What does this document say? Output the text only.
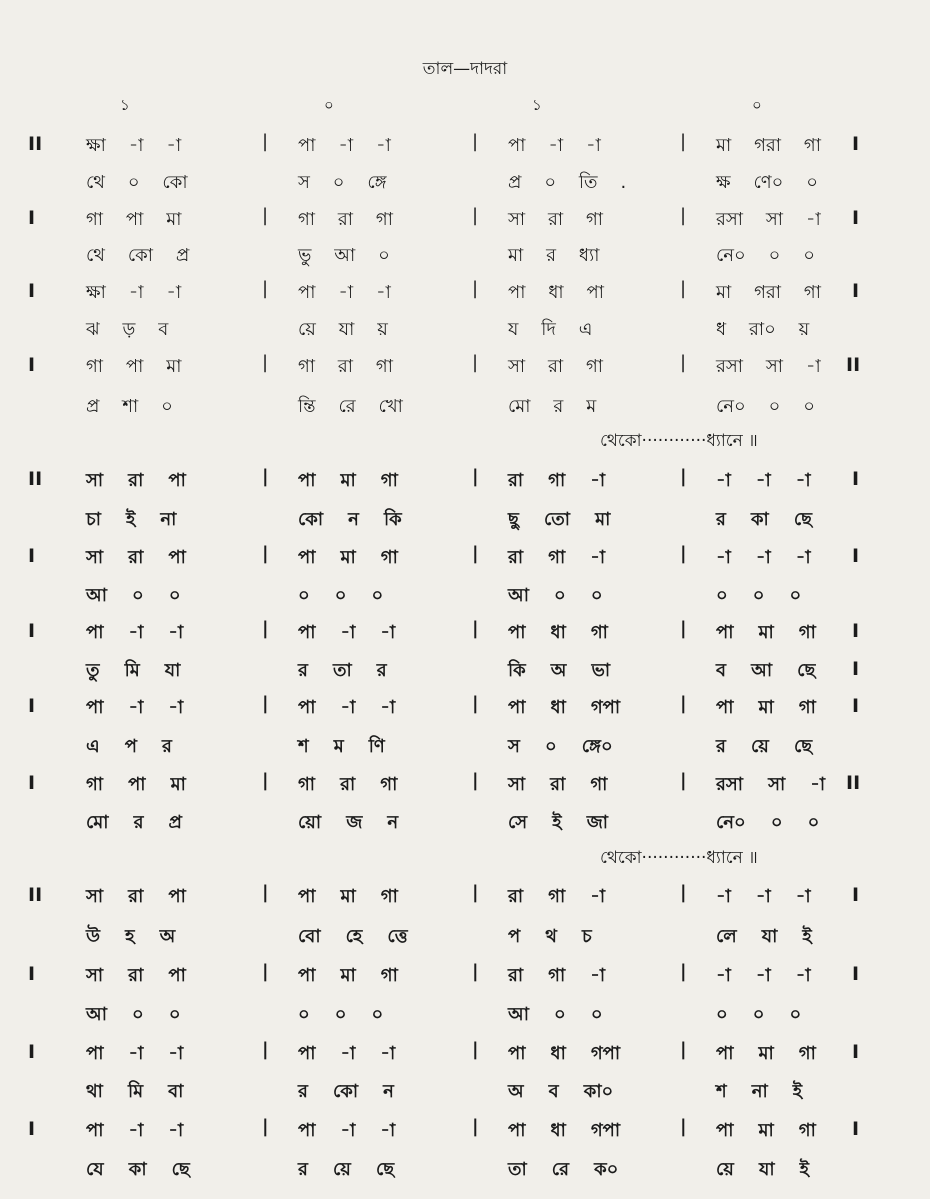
তাল—দাদরা
১	০	১	০
II ক্ষা    -া    -া	পা    -া    -া	পা    -া    -া	মা    গরা    গা
|	|	|	I
থে    ০    কো	স    ০    ঙ্গে	প্র    ০    তি    .	ক্ষ    ণে০    ০
I	গা    পা    মা	গা    রা    গা	সা    রা    গা	রসা    সা    -া
|	|	|	I
থে    কো    প্র	ভু    আ    ০	মা    র    ধ্যা	নে০    ০    ০
I	ক্ষা    -া    -া	পা    -া    -া	পা    ধা    পা	মা    গরা    গা
|	|	|	I
ঝ    ড়    ব	য়ে    যা    য়	য    দি    এ	ধ    রা০    য়
I	গা    পা    মা	গা    রা    গা	সা    রা    গা	রসা    সা    -া
|	|	|	II
প্র    শা    ০	ন্তি    রে    খো	মো    র    ম	নে০    ০    ০
থেকো············ধ্যানে ॥
II সা    রা    পা	পা    মা    গা	রা    গা    -া	-া    -া    -া
|	|	|	I
চা    ই    না	কো    ন    কি	ছু    তো    মা	র    কা    ছে
I	সা    রা    পা	পা    মা    গা	রা    গা    -া	-া    -া    -া
|	|	|	I
আ    ০    ০	০    ০    ০	আ    ০    ০	০    ০    ০
I	পা    -া    -া	পা    -া    -া	পা    ধা    গা	পা    মা    গা
|	|	|	I
তু    মি    যা	র    তা    র	কি    অ    ভা	ব    আ    ছে I
I	পা    -া    -া	পা    -া    -া	পা    ধা    গপা	পা    মা    গা
|	|	|	I
এ    প    র	শ    ম    ণি	স    ০    ঙ্গে০	র    য়ে    ছে
I	গা    পা    মা	গা    রা    গা	সা    রা    গা	রসা    সা    -া
|	|	|	II
মো    র    প্র	য়ো    জ    ন	সে    ই    জা	নে০    ০    ০
থেকো············ধ্যানে ॥
II সা    রা    পা	পা    মা    গা	রা    গা    -া	-া    -া    -া
|	|	|	I
উ    হ    অ	বো    হে    ত্তে	প    থ    চ	লে    যা    ই
I	সা    রা    পা	পা    মা    গা	রা    গা    -া	-া    -া    -া
|	|	|	I
আ    ০    ০	০    ০    ০	আ    ০    ০	০    ০    ০
I	পা    -া    -া	পা    -া    -া	পা    ধা    গপা	পা    মা    গা
|	|	|	I
থা    মি    বা	র    কো    ন	অ    ব    কা০	শ    না    ই
I	পা    -া    -া	পা    -া    -া	পা    ধা    গপা	পা    মা    গা
|	|	|	I
যে    কা    ছে	র    য়ে    ছে	তা    রে    ক০	য়ে    যা    ই
